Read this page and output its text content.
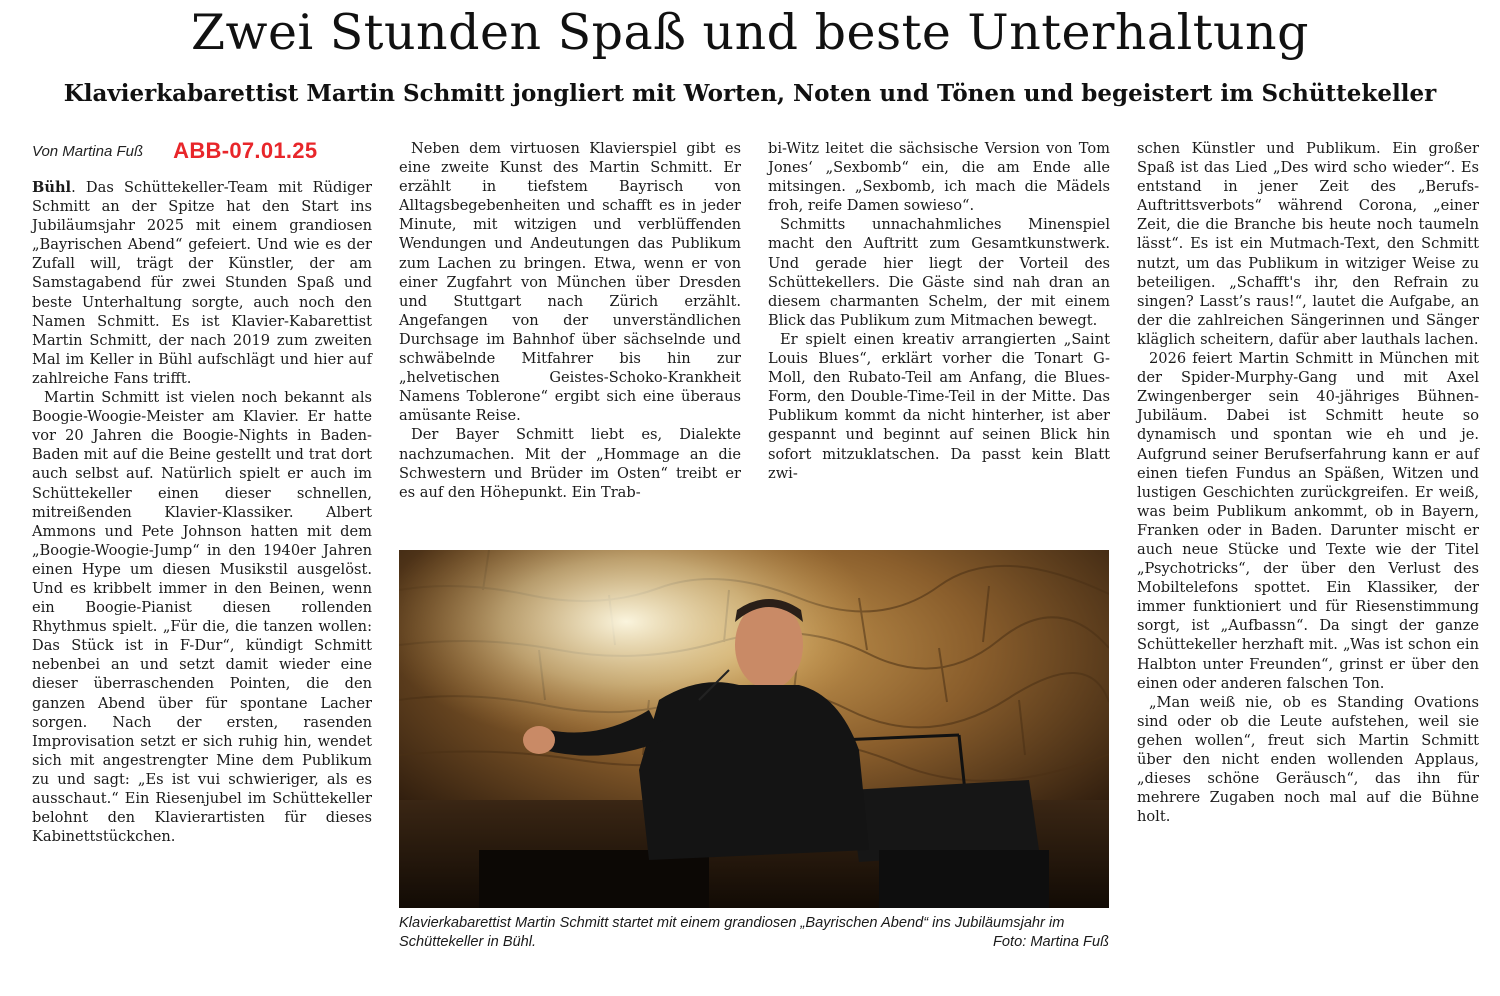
Zwei Stunden Spaß und beste Unterhaltung
Klavierkabarettist Martin Schmitt jongliert mit Worten, Noten und Tönen und begeistert im Schüttekeller
Von Martina Fuß ABB-07.01.25

Bühl. Das Schüttekeller-Team mit Rüdiger Schmitt an der Spitze hat den Start ins Jubiläumsjahr 2025 mit einem grandiosen „Bayrischen Abend“ gefeiert. Und wie es der Zufall will, trägt der Künstler, der am Samstagabend für zwei Stunden Spaß und beste Unterhaltung sorgte, auch noch den Namen Schmitt. Es ist Klavier-Kabarettist Martin Schmitt, der nach 2019 zum zweiten Mal im Keller in Bühl aufschlägt und hier auf zahlreiche Fans trifft.

Martin Schmitt ist vielen noch bekannt als Boogie-Woogie-Meister am Klavier. Er hatte vor 20 Jahren die Boogie-Nights in Baden-Baden mit auf die Beine gestellt und trat dort auch selbst auf. Natürlich spielt er auch im Schüttekeller einen dieser schnellen, mitreißenden Klavier-Klassiker. Albert Ammons und Pete Johnson hatten mit dem „Boogie-Woogie-Jump“ in den 1940er Jahren einen Hype um diesen Musikstil ausgelöst. Und es kribbelt immer in den Beinen, wenn ein Boogie-Pianist diesen rollenden Rhythmus spielt. „Für die, die tanzen wollen: Das Stück ist in F-Dur“, kündigt Schmitt nebenbei an und setzt damit wieder eine dieser überraschenden Pointen, die den ganzen Abend über für spontane Lacher sorgen. Nach der ersten, rasenden Improvisation setzt er sich ruhig hin, wendet sich mit angestrengter Mine dem Publikum zu und sagt: „Es ist vui schwieriger, als es ausschaut.“ Ein Riesenjubel im Schüttekeller belohnt den Klavierartisten für dieses Kabinettstückchen.

Neben dem virtuosen Klavierspiel gibt es eine zweite Kunst des Martin Schmitt. Er erzählt in tiefstem Bayrisch von Alltagsbegebenheiten und schafft es in jeder Minute, mit witzigen und verblüffenden Wendungen und Andeutungen das Publikum zum Lachen zu bringen. Etwa, wenn er von einer Zugfahrt von München über Dresden und Stuttgart nach Zürich erzählt. Angefangen von der unverständlichen Durchsage im Bahnhof über sächselnde und schwäbelnde Mitfahrer bis hin zur „helvetischen Geistes-Schoko-Krankheit Namens Toblerone“ ergibt sich eine überaus amüsante Reise.

Der Bayer Schmitt liebt es, Dialekte nachzumachen. Mit der „Hommage an die Schwestern und Brüder im Osten“ treibt er es auf den Höhepunkt. Ein Trab-

bi-Witz leitet die sächsische Version von Tom Jones‘ „Sexbomb“ ein, die am Ende alle mitsingen. „Sexbomb, ich mach die Mädels froh, reife Damen sowieso“.

Schmitts unnachahmliches Minenspiel macht den Auftritt zum Gesamtkunstwerk. Und gerade hier liegt der Vorteil des Schüttekellers. Die Gäste sind nah dran an diesem charmanten Schelm, der mit einem Blick das Publikum zum Mitmachen bewegt.

Er spielt einen kreativ arrangierten „Saint Louis Blues“, erklärt vorher die Tonart G-Moll, den Rubato-Teil am Anfang, die Blues-Form, den Double-Time-Teil in der Mitte. Das Publikum kommt da nicht hinterher, ist aber gespannt und beginnt auf seinen Blick hin sofort mitzuklatschen. Da passt kein Blatt zwi-

schen Künstler und Publikum. Ein großer Spaß ist das Lied „Des wird scho wieder“. Es entstand in jener Zeit des „Berufs-Auftrittsverbots“ während Corona, „einer Zeit, die die Branche bis heute noch taumeln lässt“. Es ist ein Mutmach-Text, den Schmitt nutzt, um das Publikum in witziger Weise zu beteiligen. „Schafft's ihr, den Refrain zu singen? Lasst’s raus!“, lautet die Aufgabe, an der die zahlreichen Sängerinnen und Sänger kläglich scheitern, dafür aber lauthals lachen.

2026 feiert Martin Schmitt in München mit der Spider-Murphy-Gang und mit Axel Zwingenberger sein 40-jähriges Bühnen-Jubiläum. Dabei ist Schmitt heute so dynamisch und spontan wie eh und je. Aufgrund seiner Berufserfahrung kann er auf einen tiefen Fundus an Späßen, Witzen und lustigen Geschichten zurückgreifen. Er weiß, was beim Publikum ankommt, ob in Bayern, Franken oder in Baden. Darunter mischt er auch neue Stücke und Texte wie der Titel „Psychotricks“, der über den Verlust des Mobiltelefons spottet. Ein Klassiker, der immer funktioniert und für Riesenstimmung sorgt, ist „Aufbassn“. Da singt der ganze Schüttekeller herzhaft mit. „Was ist schon ein Halbton unter Freunden“, grinst er über den einen oder anderen falschen Ton.

„Man weiß nie, ob es Standing Ovations sind oder ob die Leute aufstehen, weil sie gehen wollen“, freut sich Martin Schmitt über den nicht enden wollenden Applaus, „dieses schöne Geräusch“, das ihn für mehrere Zugaben noch mal auf die Bühne holt.

Klavierkabarettist Martin Schmitt startet mit einem grandiosen „Bayrischen Abend“ ins Jubiläumsjahr im Schüttekeller in Bühl.	Foto: Martina Fuß
